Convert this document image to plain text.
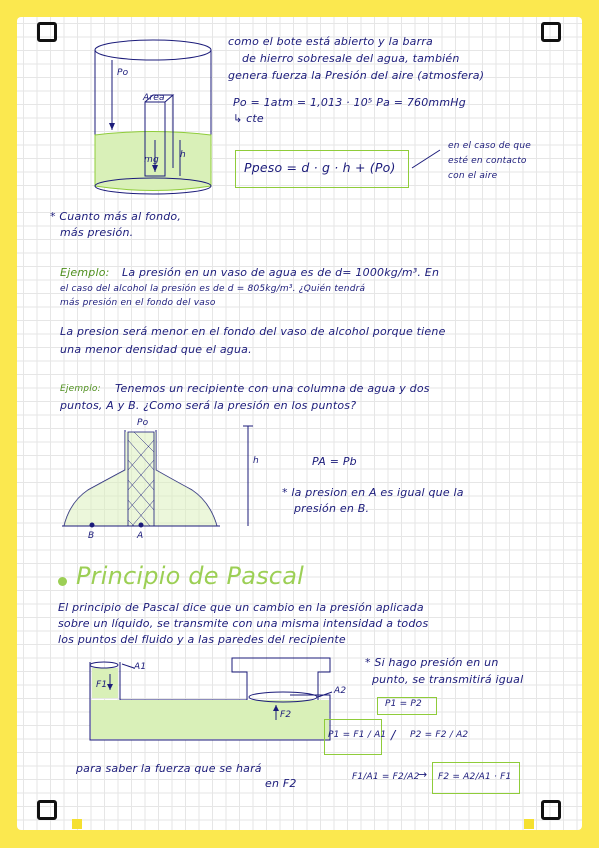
como el bote está abierto y la barra
de hierro sobresale del agua, también
genera fuerza la Presión del aire (atmosfera)
Po = 1atm = 1,013 · 10⁵ Pa = 760mmHg
↳ cte
Ppeso = d · g · h + (Po)
en el caso de que
esté en contacto
con el aire
Po
Area
mg h
* Cuanto más al fondo,
más presión.
Ejemplo:	La presión en un vaso de agua es de d= 1000kg/m³. En
el caso del alcohol la presión es de d = 805kg/m³. ¿Quién tendrá
más presión en el fondo del vaso
La presion será menor en el fondo del vaso de alcohol porque tiene
una menor densidad que el agua.
Ejemplo: Tenemos un recipiente con una columna de agua y dos
puntos, A y B. ¿Como será la presión en los puntos?
Po
h
A
B
PA = Pb
* la presion en A es igual que la
presión en B.
Principio de Pascal
El principio de Pascal dice que un cambio en la presión aplicada
sobre un líquido, se transmite con una misma intensidad a todos
los puntos del fluido y a las paredes del recipiente
* Si hago presión en un
punto, se transmitirá igual
A1
F1
A2
F2
P1 = P2
P1 = F1 / A1 / P2 = F2 / A2
para saber la fuerza que se hará
en F2	F1/A1 = F2/A2
→ F2 = A2/A1 · F1
